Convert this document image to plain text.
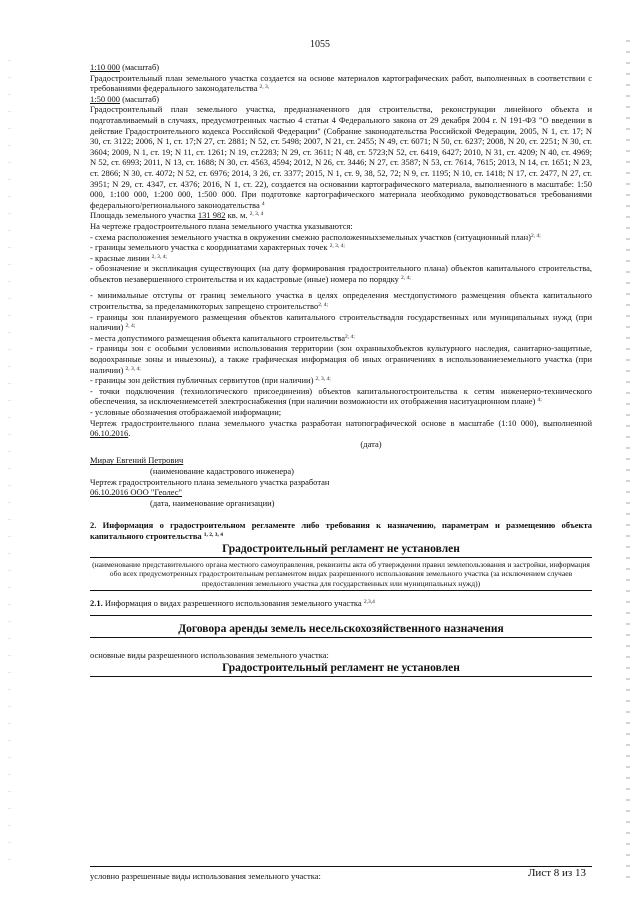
1055

1:10 000 (масштаб)

Градостроительный план земельного участка создается на основе материалов картографических работ, выполненных в соответствии с требованиями федерального законодательства $^{2, 3,}$

1:50 000 (масштаб)

Градостроительный план земельного участка, предназначенного для строительства, реконструкции линейного объекта и подготавливаемый в случаях, предусмотренных частью 4 статьи 4 Федерального закона от 29 декабря 2004 г. N 191-ФЗ "О введении в действие Градостроительного кодекса Российской Федерации" (Собрание законодательства Российской Федерации, 2005, N 1, ст. 17; N 30, ст. 3122; 2006, N 1, ст. 17;N 27, ст. 2881; N 52, ст. 5498; 2007, N 21, ст. 2455; N 49, ст. 6071; N 50, ст. 6237; 2008, N 20, ст. 2251; N 30, ст. 3604; 2009, N 1, ст. 19; N 11, ст. 1261; N 19, ст.2283; N 29, ст. 3611; N 48, ст. 5723;N 52, ст. 6419, 6427; 2010, N 31, ст. 4209; N 40, ст. 4969; N 52, ст. 6993; 2011, N 13, ст. 1688; N 30, ст. 4563, 4594; 2012, N 26, ст. 3446; N 27, ст. 3587; N 53, ст. 7614, 7615; 2013, N 14, ст. 1651; N 23, ст. 2866; N 30, ст. 4072; N 52, ст. 6976; 2014, 3 26, ст. 3377; 2015, N 1, ст. 9, 38, 52, 72; N 9, ст. 1195; N 10, ст. 1418; N 17, ст. 2477, N 27, ст. 3951; N 29, ст. 4347, ст. 4376; 2016, N 1, ст. 22), создается на основании картографического материала, выполненного в масштабе: 1:50 000, 1:100 000, 1:200 000, 1:500 000. При подготовке картографического материала необходимо руководствоваться требованиями федерального/регионального законодательства $^4$

Площадь земельного участка 131 982 кв. м. $^{2, 3, 4}$

На чертеже градостроительного плана земельного участка указываются:

- схема расположения земельного участка в окружении смежно расположенныхземельных участков (ситуационный план)$^{2, 4;}$

- границы земельного участка с координатами характерных точек $^{2, 3, 4;}$

- красные линии $^{2, 3, 4;}$

- обозначение и экспликация существующих (на дату формирования градостроительного плана) объектов капитального строительства, объектов незавершенного строительства и их кадастровые (иные) номера по порядку $^{2, 4;}$

- минимальные отступы от границ земельного участка в целях определения местдопустимого размещения объекта капитального строительства, за пределамикоторых запрещено строительство$^{2, 4;}$

- границы зон планируемого размещения объектов капитального строительствадля государственных или муниципальных нужд (при наличии) $^{2, 4;}$

- места допустимого размещения объекта капитального строительства$^{2, 4;}$

- границы зон с особыми условиями использования территории (зон охранныхобъектов культурного наследия, санитарно-защитные, водоохранные зоны и иныезоны), а также графическая информация об иных ограничениях в использованиеземельного участка (при наличии) $^{2, 3, 4;}$

- границы зон действия публичных сервитутов (при наличии) $^{2, 3, 4;}$

- точки подключения (технологического присоединения) объектов капитальногостроительства к сетям инженерно-технического обеспечения, за исключениемсетей электроснабжения (при наличии возможности их отображения наситуационном плане) $^{4;}$

- условные обозначения отображаемой информации;

Чертеж градостроительного плана земельного участка разработан натопографической основе в масштабе (1:10 000), выполненной 06.10.2016.

(дата)

Мирау Евгений Петрович

(наименование кадастрового инженера)

Чертеж градостроительного плана земельного участка разработан

06.10.2016 ООО "Геолес"

(дата, наименование организации)

2. Информация о градостроительном регламенте либо требования к назначению, параметрам и размещению объекта капитального строительства $^{1, 2, 3, 4}$

Градостроительный регламент не установлен

(наименование представительного органа местного самоуправления, реквизиты акта об утверждении правил землепользования и застройки, информация обо всех предусмотренных градостроительным регламентом видах разрешенного использования земельного участка (за исключением случаев предоставления земельного участка для государственных или муниципальных нужд))

2.1. Информация о видах разрешенного использования земельного участка $^{2,3,4}$

Договора аренды земель несельскохозяйственного назначения

основные виды разрешенного использования земельного участка:

Градостроительный регламент не установлен
условно разрешенные виды использования земельного участка:	Лист 8 из 13
